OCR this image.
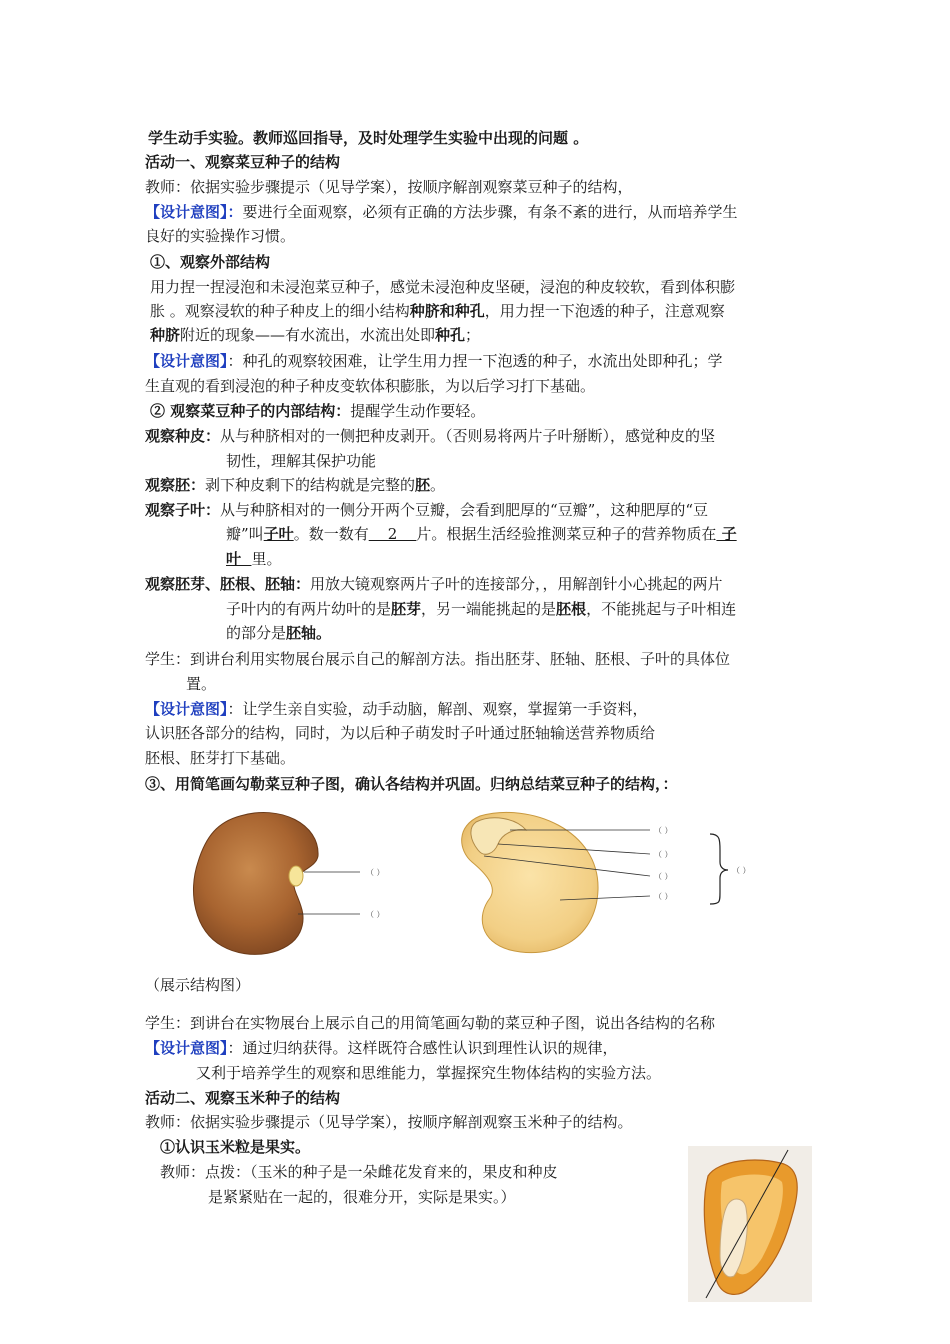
学生动手实验。教师巡回指导，及时处理学生实验中出现的问题 。
活动一、观察菜豆种子的结构
教师：依据实验步骤提示（见导学案），按顺序解剖观察菜豆种子的结构，
【设计意图】：要进行全面观察，必须有正确的方法步骤，有条不紊的进行，从而培养学生
良好的实验操作习惯。
①、观察外部结构
用力捏一捏浸泡和未浸泡菜豆种子，感觉未浸泡种皮坚硬，浸泡的种皮较软，看到体积膨
胀 。观察浸软的种子种皮上的细小结构种脐和种孔，用力捏一下泡透的种子，注意观察
种脐附近的现象——有水流出，水流出处即种孔；
【设计意图】：种孔的观察较困难，让学生用力捏一下泡透的种子，水流出处即种孔；学
生直观的看到浸泡的种子种皮变软体积膨胀，为以后学习打下基础。
② 观察菜豆种子的内部结构：提醒学生动作要轻。
观察种皮：从与种脐相对的一侧把种皮剥开。（否则易将两片子叶掰断），感觉种皮的坚
韧性，理解其保护功能
观察胚：剥下种皮剩下的结构就是完整的胚。
观察子叶：从与种脐相对的一侧分开两个豆瓣，会看到肥厚的“豆瓣”，这种肥厚的“豆
瓣”叫子叶。数一数有    2    片。根据生活经验推测菜豆种子的营养物质在 子
叶  里。
观察胚芽、胚根、胚轴：用放大镜观察两片子叶的连接部分，，用解剖针小心挑起的两片
子叶内的有两片幼叶的是胚芽，另一端能挑起的是胚根，不能挑起与子叶相连
的部分是胚轴。
学生：到讲台利用实物展台展示自己的解剖方法。指出胚芽、胚轴、胚根、子叶的具体位
置。
【设计意图】：让学生亲自实验，动手动脑，解剖、观察，掌握第一手资料，
认识胚各部分的结构，同时，为以后种子萌发时子叶通过胚轴输送营养物质给
胚根、胚芽打下基础。
③、用简笔画勾勒菜豆种子图，确认各结构并巩固。归纳总结菜豆种子的结构，：
（ ）
（ ）
（ ）
（ ）
（ ）
（ ）
（ ）
（展示结构图）
学生：到讲台在实物展台上展示自己的用简笔画勾勒的菜豆种子图，说出各结构的名称
【设计意图】：通过归纳获得。这样既符合感性认识到理性认识的规律，
又利于培养学生的观察和思维能力，掌握探究生物体结构的实验方法。
活动二、观察玉米种子的结构
教师：依据实验步骤提示（见导学案），按顺序解剖观察玉米种子的结构。
①认识玉米粒是果实。
教师：点拨：（玉米的种子是一朵雌花发育来的，果皮和种皮
是紧紧贴在一起的，很难分开，实际是果实。）
